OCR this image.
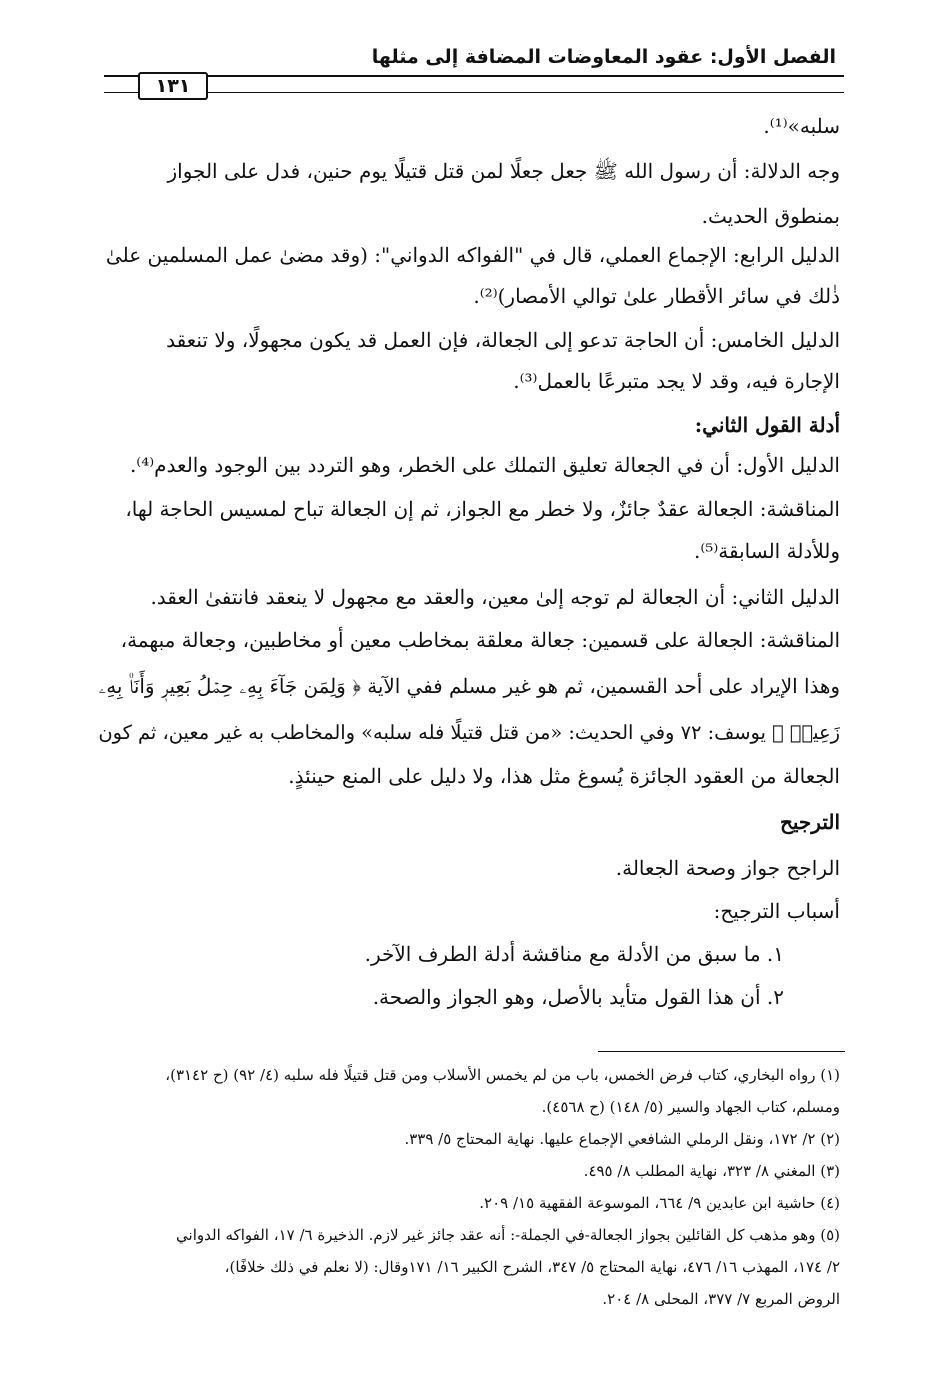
الفصل الأول: عقود المعاوضات المضافة إلى مثلها
١٣١
سلبه»⁽¹⁾.
وجه الدلالة: أن رسول الله ﷺ جعل جعلًا لمن قتل قتيلًا يوم حنين، فدل على الجواز
بمنطوق الحديث.
الدليل الرابع: الإجماع العملي، قال في "الفواكه الدواني": (وقد مضىٰ عمل المسلمين علىٰ
ذٰلك في سائر الأقطار علىٰ توالي الأمصار)⁽²⁾.
الدليل الخامس: أن الحاجة تدعو إلى الجعالة، فإن العمل قد يكون مجهولًا، ولا تنعقد
الإجارة فيه، وقد لا يجد متبرعًا بالعمل⁽³⁾.
أدلة القول الثاني:
الدليل الأول: أن في الجعالة تعليق التملك على الخطر، وهو التردد بين الوجود والعدم⁽⁴⁾.
المناقشة: الجعالة عقدٌ جائزٌ، ولا خطر مع الجواز، ثم إن الجعالة تباح لمسيس الحاجة لها،
وللأدلة السابقة⁽⁵⁾.
الدليل الثاني: أن الجعالة لم توجه إلىٰ معين، والعقد مع مجهول لا ينعقد فانتفىٰ العقد.
المناقشة: الجعالة على قسمين: جعالة معلقة بمخاطب معين أو مخاطبين، وجعالة مبهمة،
وهذا الإيراد على أحد القسمين، ثم هو غير مسلم ففي الآية ﴿ وَلِمَن جَآءَ بِهِۦ حِمۡلُ بَعِيرٖ وَأَنَا۠ بِهِۦ
زَعِيمٞ ﴾ يوسف: ٧٢ وفي الحديث: «من قتل قتيلًا فله سلبه» والمخاطب به غير معين، ثم كون
الجعالة من العقود الجائزة يُسوغ مثل هذا، ولا دليل على المنع حينئذٍ.
الترجيح
الراجح جواز وصحة الجعالة.
أسباب الترجيح:
١. ما سبق من الأدلة مع مناقشة أدلة الطرف الآخر.
٢. أن هذا القول متأيد بالأصل، وهو الجواز والصحة.
(١) رواه البخاري، كتاب فرض الخمس، باب من لم يخمس الأسلاب ومن قتل قتيلًا فله سلبه (٤/ ٩٢) (ح ٣١٤٢)،
ومسلم، كتاب الجهاد والسير (٥/ ١٤٨) (ح ٤٥٦٨).
(٢) ٢/ ١٧٢، ونقل الرملي الشافعي الإجماع عليها. نهاية المحتاج ٥/ ٣٣٩.
(٣) المغني ٨/ ٣٢٣، نهاية المطلب ٨/ ٤٩٥.
(٤) حاشية ابن عابدين ٩/ ٦٦٤، الموسوعة الفقهية ١٥/ ٢٠٩.
(٥) وهو مذهب كل القائلين بجواز الجعالة-في الجملة-: أنه عقد جائز غير لازم. الذخيرة ٦/ ١٧، الفواكه الدواني
٢/ ١٧٤، المهذب ١٦/ ٤٧٦، نهاية المحتاج ٥/ ٣٤٧، الشرح الكبير ١٦/ ١٧١وقال: (لا نعلم في ذلك خلافًا)،
الروض المربع ٧/ ٣٧٧، المحلى ٨/ ٢٠٤.
